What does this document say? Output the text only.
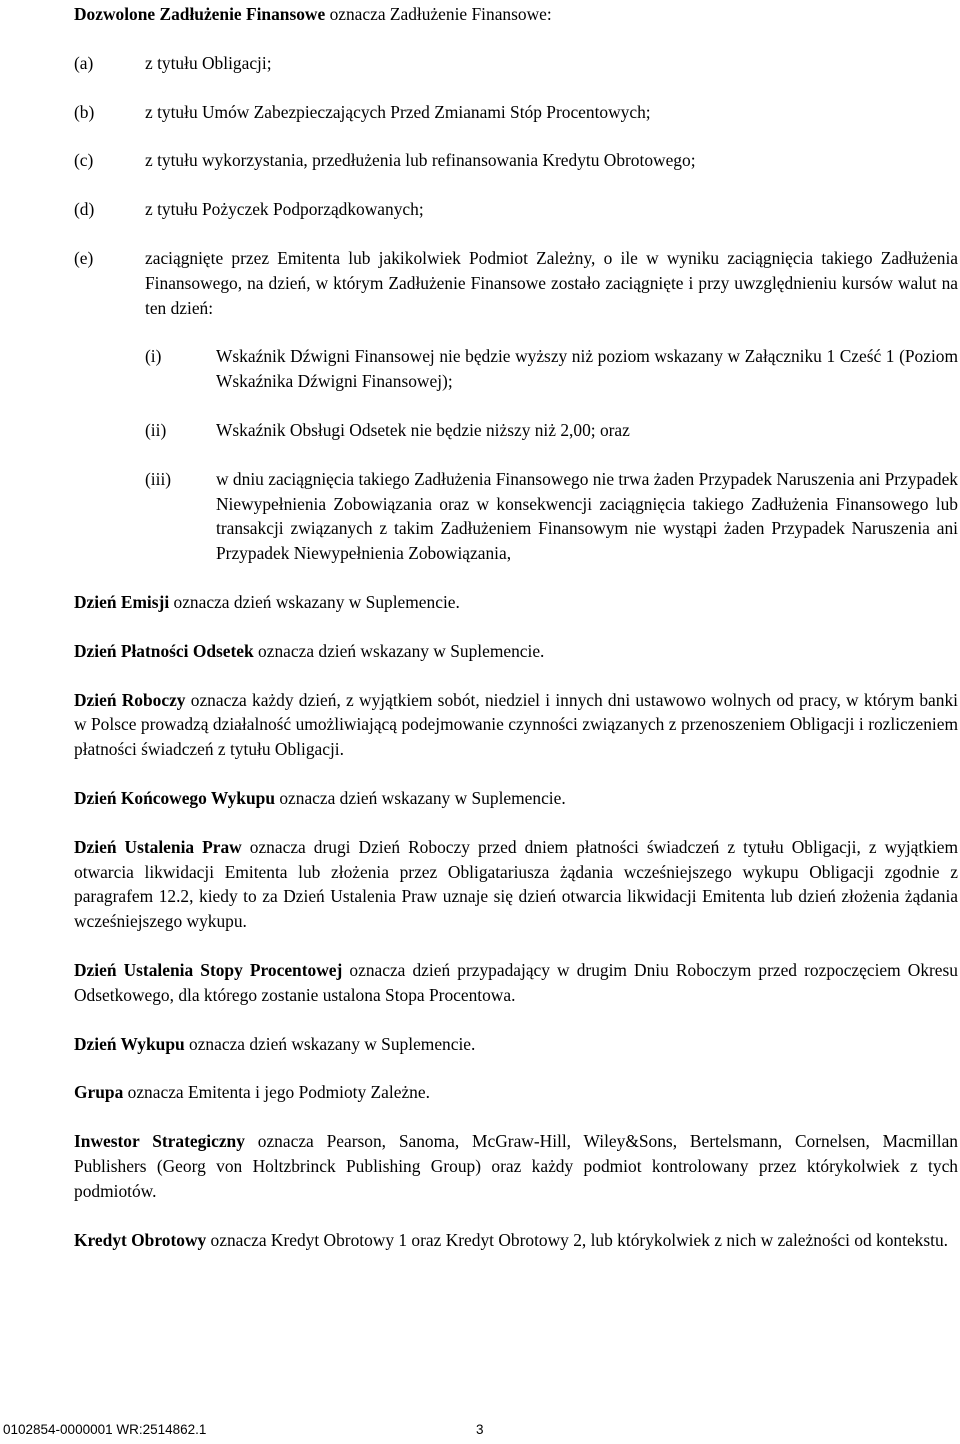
Dozwolone Zadłużenie Finansowe oznacza Zadłużenie Finansowe:

(a)	z tytułu Obligacji;
(b)	z tytułu Umów Zabezpieczających Przed Zmianami Stóp Procentowych;
(c)	z tytułu wykorzystania, przedłużenia lub refinansowania Kredytu Obrotowego;
(d)	z tytułu Pożyczek Podporządkowanych;
(e)	zaciągnięte przez Emitenta lub jakikolwiek Podmiot Zależny, o ile w wyniku zaciągnięcia takiego Zadłużenia Finansowego, na dzień, w którym Zadłużenie Finansowe zostało zaciągnięte i przy uwzględnieniu kursów walut na ten dzień:
(i)	Wskaźnik Dźwigni Finansowej nie będzie wyższy niż poziom wskazany w Załączniku 1 Cześć 1 (Poziom Wskaźnika Dźwigni Finansowej);
(ii)	Wskaźnik Obsługi Odsetek nie będzie niższy niż 2,00; oraz
(iii)	w dniu zaciągnięcia takiego Zadłużenia Finansowego nie trwa żaden Przypadek Naruszenia ani Przypadek Niewypełnienia Zobowiązania oraz w konsekwencji zaciągnięcia takiego Zadłużenia Finansowego lub transakcji związanych z takim Zadłużeniem Finansowym nie wystąpi żaden Przypadek Naruszenia ani Przypadek Niewypełnienia Zobowiązania,

Dzień Emisji oznacza dzień wskazany w Suplemencie.

Dzień Płatności Odsetek oznacza dzień wskazany w Suplemencie.

Dzień Roboczy oznacza każdy dzień, z wyjątkiem sobót, niedziel i innych dni ustawowo wolnych od pracy, w którym banki w Polsce prowadzą działalność umożliwiającą podejmowanie czynności związanych z przenoszeniem Obligacji i rozliczeniem płatności świadczeń z tytułu Obligacji.

Dzień Końcowego Wykupu oznacza dzień wskazany w Suplemencie.

Dzień Ustalenia Praw oznacza drugi Dzień Roboczy przed dniem płatności świadczeń z tytułu Obligacji, z wyjątkiem otwarcia likwidacji Emitenta lub złożenia przez Obligatariusza żądania wcześniejszego wykupu Obligacji zgodnie z paragrafem 12.2, kiedy to za Dzień Ustalenia Praw uznaje się dzień otwarcia likwidacji Emitenta lub dzień złożenia żądania wcześniejszego wykupu.

Dzień Ustalenia Stopy Procentowej oznacza dzień przypadający w drugim Dniu Roboczym przed rozpoczęciem Okresu Odsetkowego, dla którego zostanie ustalona Stopa Procentowa.

Dzień Wykupu oznacza dzień wskazany w Suplemencie.

Grupa oznacza Emitenta i jego Podmioty Zależne.

Inwestor Strategiczny oznacza Pearson, Sanoma, McGraw-Hill, Wiley&Sons, Bertelsmann, Cornelsen, Macmillan Publishers (Georg von Holtzbrinck Publishing Group) oraz każdy podmiot kontrolowany przez którykolwiek z tych podmiotów.

Kredyt Obrotowy oznacza Kredyt Obrotowy 1 oraz Kredyt Obrotowy 2, lub którykolwiek z nich w zależności od kontekstu.

0102854-0000001 WR:2514862.1	3
